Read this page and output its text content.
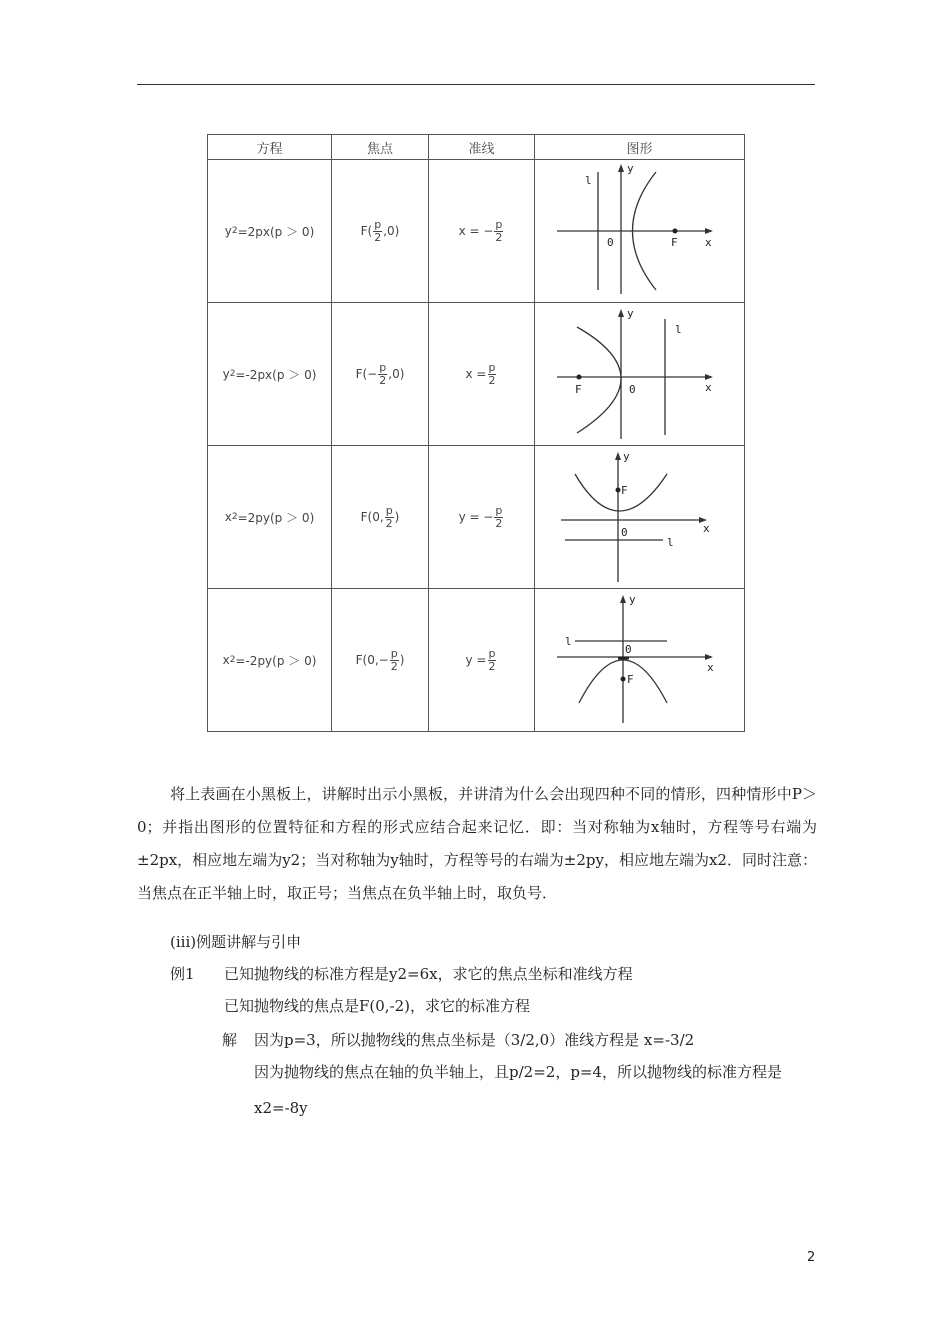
方程	焦点	准线	图形

y 2 =2px(p ＞ 0)	$F( \frac{p}{2} ,0)$	x = − $\frac{p}{2}$	l
y
0 F x

y 2 =-2px(p ＞ 0)	$F( - \frac{p}{2} ,0)$	$x = \frac{p}{2}$	y
l
F 0 x

x 2 =2py(p ＞ 0)	F(0, $\frac{p}{2}$ )	y = − $\frac{p}{2}$	y
F
0 x
l

x 2 =-2py(p ＞ 0)	F(0, − $\frac{p}{2}$ )	$y = \frac{p}{2}$	y
l
0
F
x
将上表画在小黑板上，讲解时出示小黑板，并讲清为什么会出现四种不同的情形，四种情形中P＞0；并指出图形的位置特征和方程的形式应结合起来记忆．即：当对称轴为x轴时，方程等号右端为±2px，相应地左端为y2；当对称轴为y轴时，方程等号的右端为±2py，相应地左端为x2．同时注意：当焦点在正半轴上时，取正号；当焦点在负半轴上时，取负号．
(iii)例题讲解与引申
例1 已知抛物线的标准方程是y2=6x，求它的焦点坐标和准线方程
已知抛物线的焦点是F(0,-2)，求它的标准方程
解 因为p=3，所以抛物线的焦点坐标是（3/2,0）准线方程是 x=-3/2
因为抛物线的焦点在轴的负半轴上，且p/2=2，p=4，所以抛物线的标准方程是
x2=-8y
2
